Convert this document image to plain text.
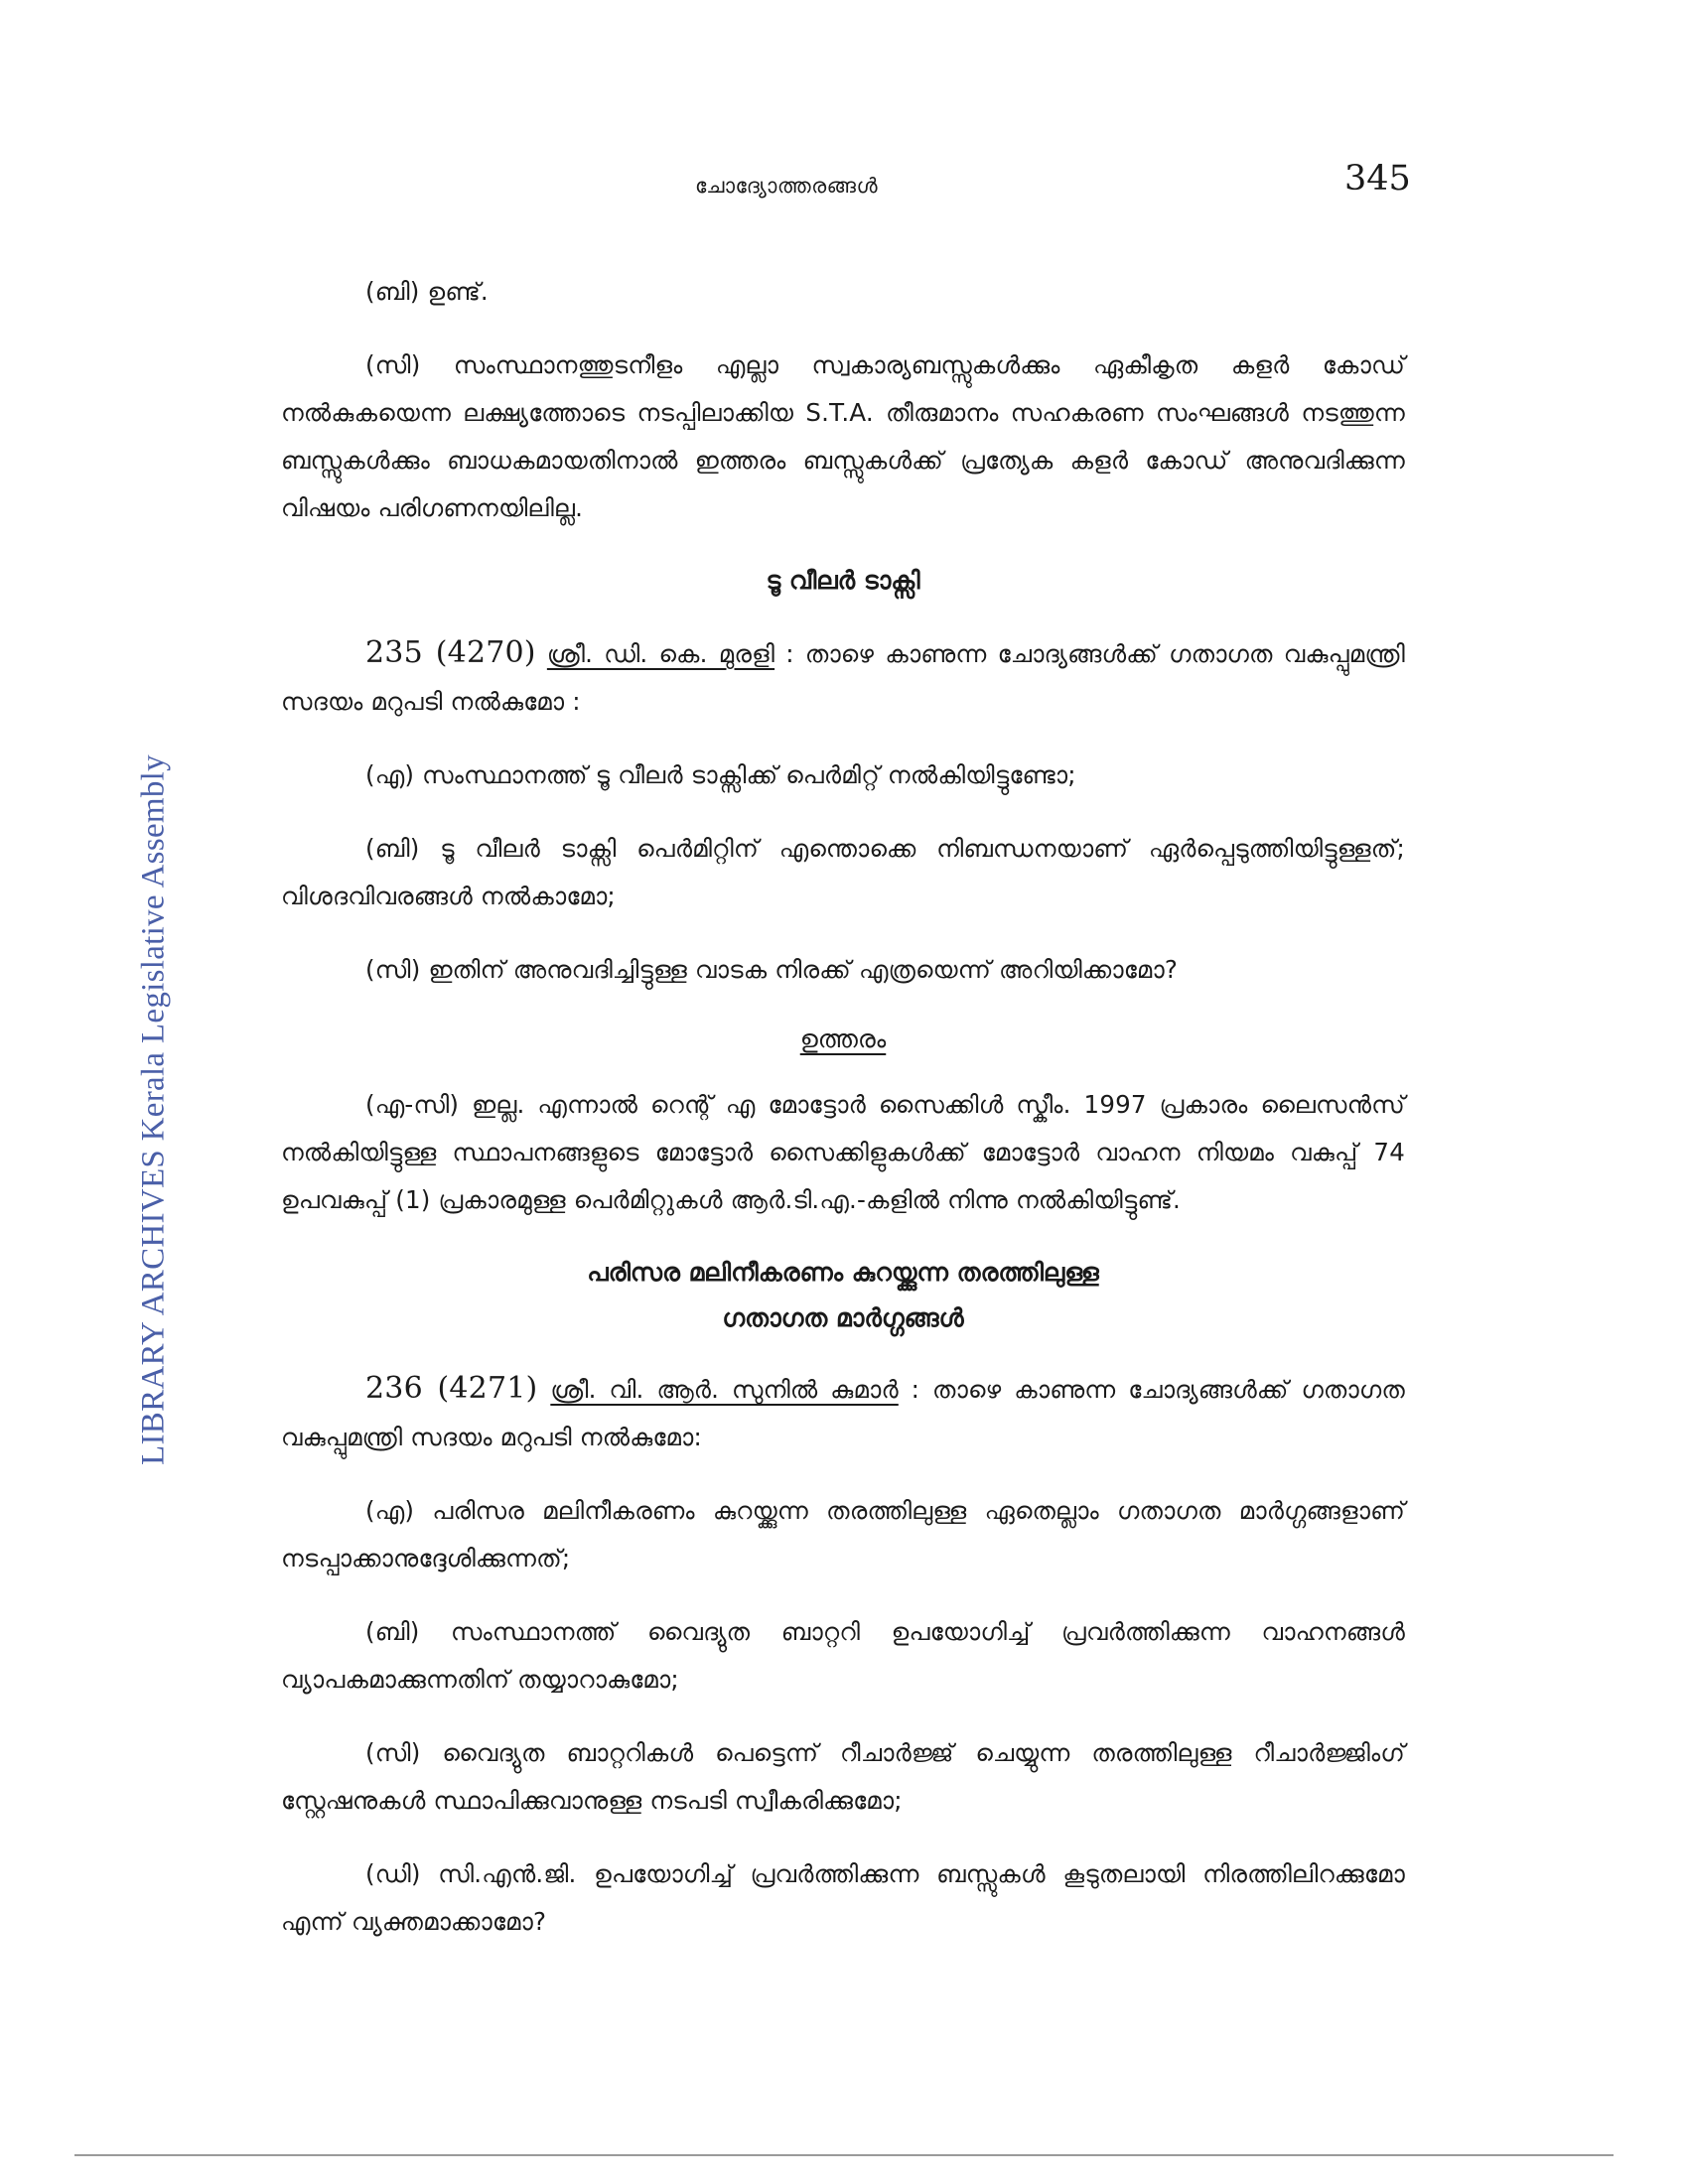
ചോദ്യോത്തരങ്ങൾ	345
LIBRARY ARCHIVES Kerala Legislative Assembly

(ബി) ഉണ്ട്.

(സി) സംസ്ഥാനത്തുടനീളം എല്ലാ സ്വകാര്യബസ്സുകൾക്കും ഏകീകൃത കളർ കോഡ് നൽകുകയെന്ന ലക്ഷ്യത്തോടെ നടപ്പിലാക്കിയ S.T.A. തീരുമാനം സഹകരണ സംഘങ്ങൾ നടത്തുന്ന ബസ്സുകൾക്കും ബാധകമായതിനാൽ ഇത്തരം ബസ്സുകൾക്ക് പ്രത്യേക കളർ കോഡ് അനുവദിക്കുന്ന വിഷയം പരിഗണനയിലില്ല.

ടൂ വീലർ ടാക്സി

235 (4270) ശ്രീ. ഡി. കെ. മുരളി : താഴെ കാണുന്ന ചോദ്യങ്ങൾക്ക് ഗതാഗത വകുപ്പുമന്ത്രി സദയം മറുപടി നൽകുമോ :

(എ) സംസ്ഥാനത്ത് ടൂ വീലർ ടാക്സിക്ക് പെർമിറ്റ് നൽകിയിട്ടുണ്ടോ;

(ബി) ടൂ വീലർ ടാക്സി പെർമിറ്റിന് എന്തൊക്കെ നിബന്ധനയാണ് ഏർപ്പെടുത്തിയിട്ടുള്ളത്; വിശദവിവരങ്ങൾ നൽകാമോ;

(സി) ഇതിന് അനുവദിച്ചിട്ടുള്ള വാടക നിരക്ക് എത്രയെന്ന് അറിയിക്കാമോ?

ഉത്തരം

(എ-സി) ഇല്ല. എന്നാൽ റെന്റ് എ മോട്ടോർ സൈക്കിൾ സ്കീം. 1997 പ്രകാരം ലൈസൻസ് നൽകിയിട്ടുള്ള സ്ഥാപനങ്ങളുടെ മോട്ടോർ സൈക്കിളുകൾക്ക് മോട്ടോർ വാഹന നിയമം വകുപ്പ് 74 ഉപവകുപ്പ് (1) പ്രകാരമുള്ള പെർമിറ്റുകൾ ആർ.ടി.എ.-കളിൽ നിന്നു നൽകിയിട്ടുണ്ട്.

പരിസര മലിനീകരണം കുറയ്ക്കുന്ന തരത്തിലുള്ള
ഗതാഗത മാർഗ്ഗങ്ങൾ

236 (4271) ശ്രീ. വി. ആർ. സുനിൽ കുമാർ : താഴെ കാണുന്ന ചോദ്യങ്ങൾക്ക് ഗതാഗത വകുപ്പുമന്ത്രി സദയം മറുപടി നൽകുമോ:

(എ) പരിസര മലിനീകരണം കുറയ്ക്കുന്ന തരത്തിലുള്ള ഏതെല്ലാം ഗതാഗത മാർഗ്ഗങ്ങളാണ് നടപ്പാക്കാനുദ്ദേശിക്കുന്നത്;

(ബി) സംസ്ഥാനത്ത് വൈദ്യുത ബാറ്ററി ഉപയോഗിച്ച് പ്രവർത്തിക്കുന്ന വാഹനങ്ങൾ വ്യാപകമാക്കുന്നതിന് തയ്യാറാകുമോ;

(സി) വൈദ്യുത ബാറ്ററികൾ പെട്ടെന്ന് റീചാർജ്ജ് ചെയ്യുന്ന തരത്തിലുള്ള റീചാർജ്ജിംഗ് സ്റ്റേഷനുകൾ സ്ഥാപിക്കുവാനുള്ള നടപടി സ്വീകരിക്കുമോ;

(ഡി) സി.എൻ.ജി. ഉപയോഗിച്ച് പ്രവർത്തിക്കുന്ന ബസ്സുകൾ കൂടുതലായി നിരത്തിലിറക്കുമോ എന്ന് വ്യക്തമാക്കാമോ?
